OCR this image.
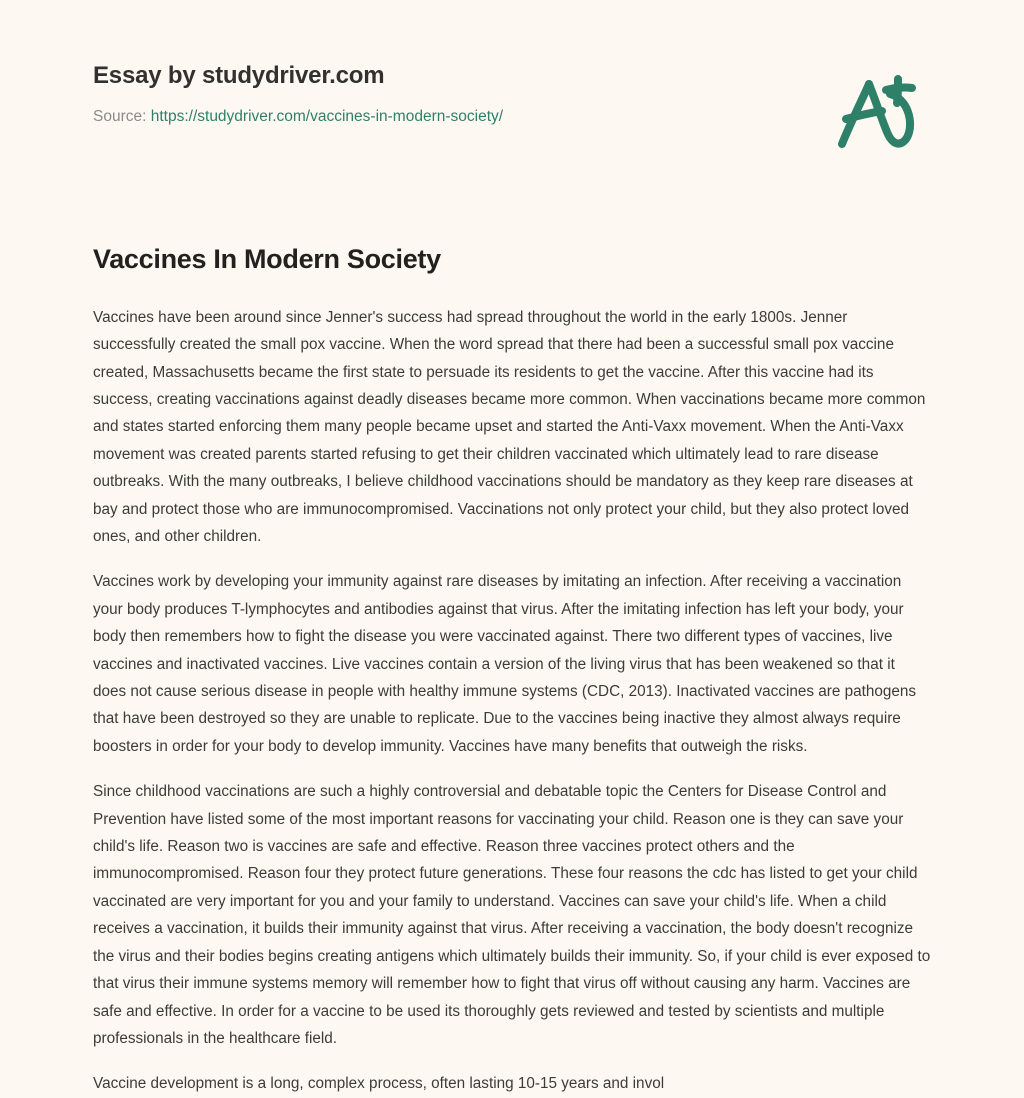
Essay by studydriver.com
Source: https://studydriver.com/vaccines-in-modern-society/
Vaccines In Modern Society

Vaccines have been around since Jenner's success had spread throughout the world in the early 1800s. Jenner successfully created the small pox vaccine. When the word spread that there had been a successful small pox vaccine created, Massachusetts became the first state to persuade its residents to get the vaccine. After this vaccine had its success, creating vaccinations against deadly diseases became more common. When vaccinations became more common and states started enforcing them many people became upset and started the Anti-Vaxx movement. When the Anti-Vaxx movement was created parents started refusing to get their children vaccinated which ultimately lead to rare disease outbreaks. With the many outbreaks, I believe childhood vaccinations should be mandatory as they keep rare diseases at bay and protect those who are immunocompromised. Vaccinations not only protect your child, but they also protect loved ones, and other children.

Vaccines work by developing your immunity against rare diseases by imitating an infection. After receiving a vaccination your body produces T-lymphocytes and antibodies against that virus. After the imitating infection has left your body, your body then remembers how to fight the disease you were vaccinated against. There two different types of vaccines, live vaccines and inactivated vaccines. Live vaccines contain a version of the living virus that has been weakened so that it does not cause serious disease in people with healthy immune systems (CDC, 2013). Inactivated vaccines are pathogens that have been destroyed so they are unable to replicate. Due to the vaccines being inactive they almost always require boosters in order for your body to develop immunity. Vaccines have many benefits that outweigh the risks.

Since childhood vaccinations are such a highly controversial and debatable topic the Centers for Disease Control and Prevention have listed some of the most important reasons for vaccinating your child. Reason one is they can save your child's life. Reason two is vaccines are safe and effective. Reason three vaccines protect others and the immunocompromised. Reason four they protect future generations. These four reasons the cdc has listed to get your child vaccinated are very important for you and your family to understand. Vaccines can save your child's life. When a child receives a vaccination, it builds their immunity against that virus. After receiving a vaccination, the body doesn't recognize the virus and their bodies begins creating antigens which ultimately builds their immunity. So, if your child is ever exposed to that virus their immune systems memory will remember how to fight that virus off without causing any harm. Vaccines are safe and effective. In order for a vaccine to be used its thoroughly gets reviewed and tested by scientists and multiple professionals in the healthcare field.

Vaccine development is a long, complex process, often lasting 10-15 years and invol
